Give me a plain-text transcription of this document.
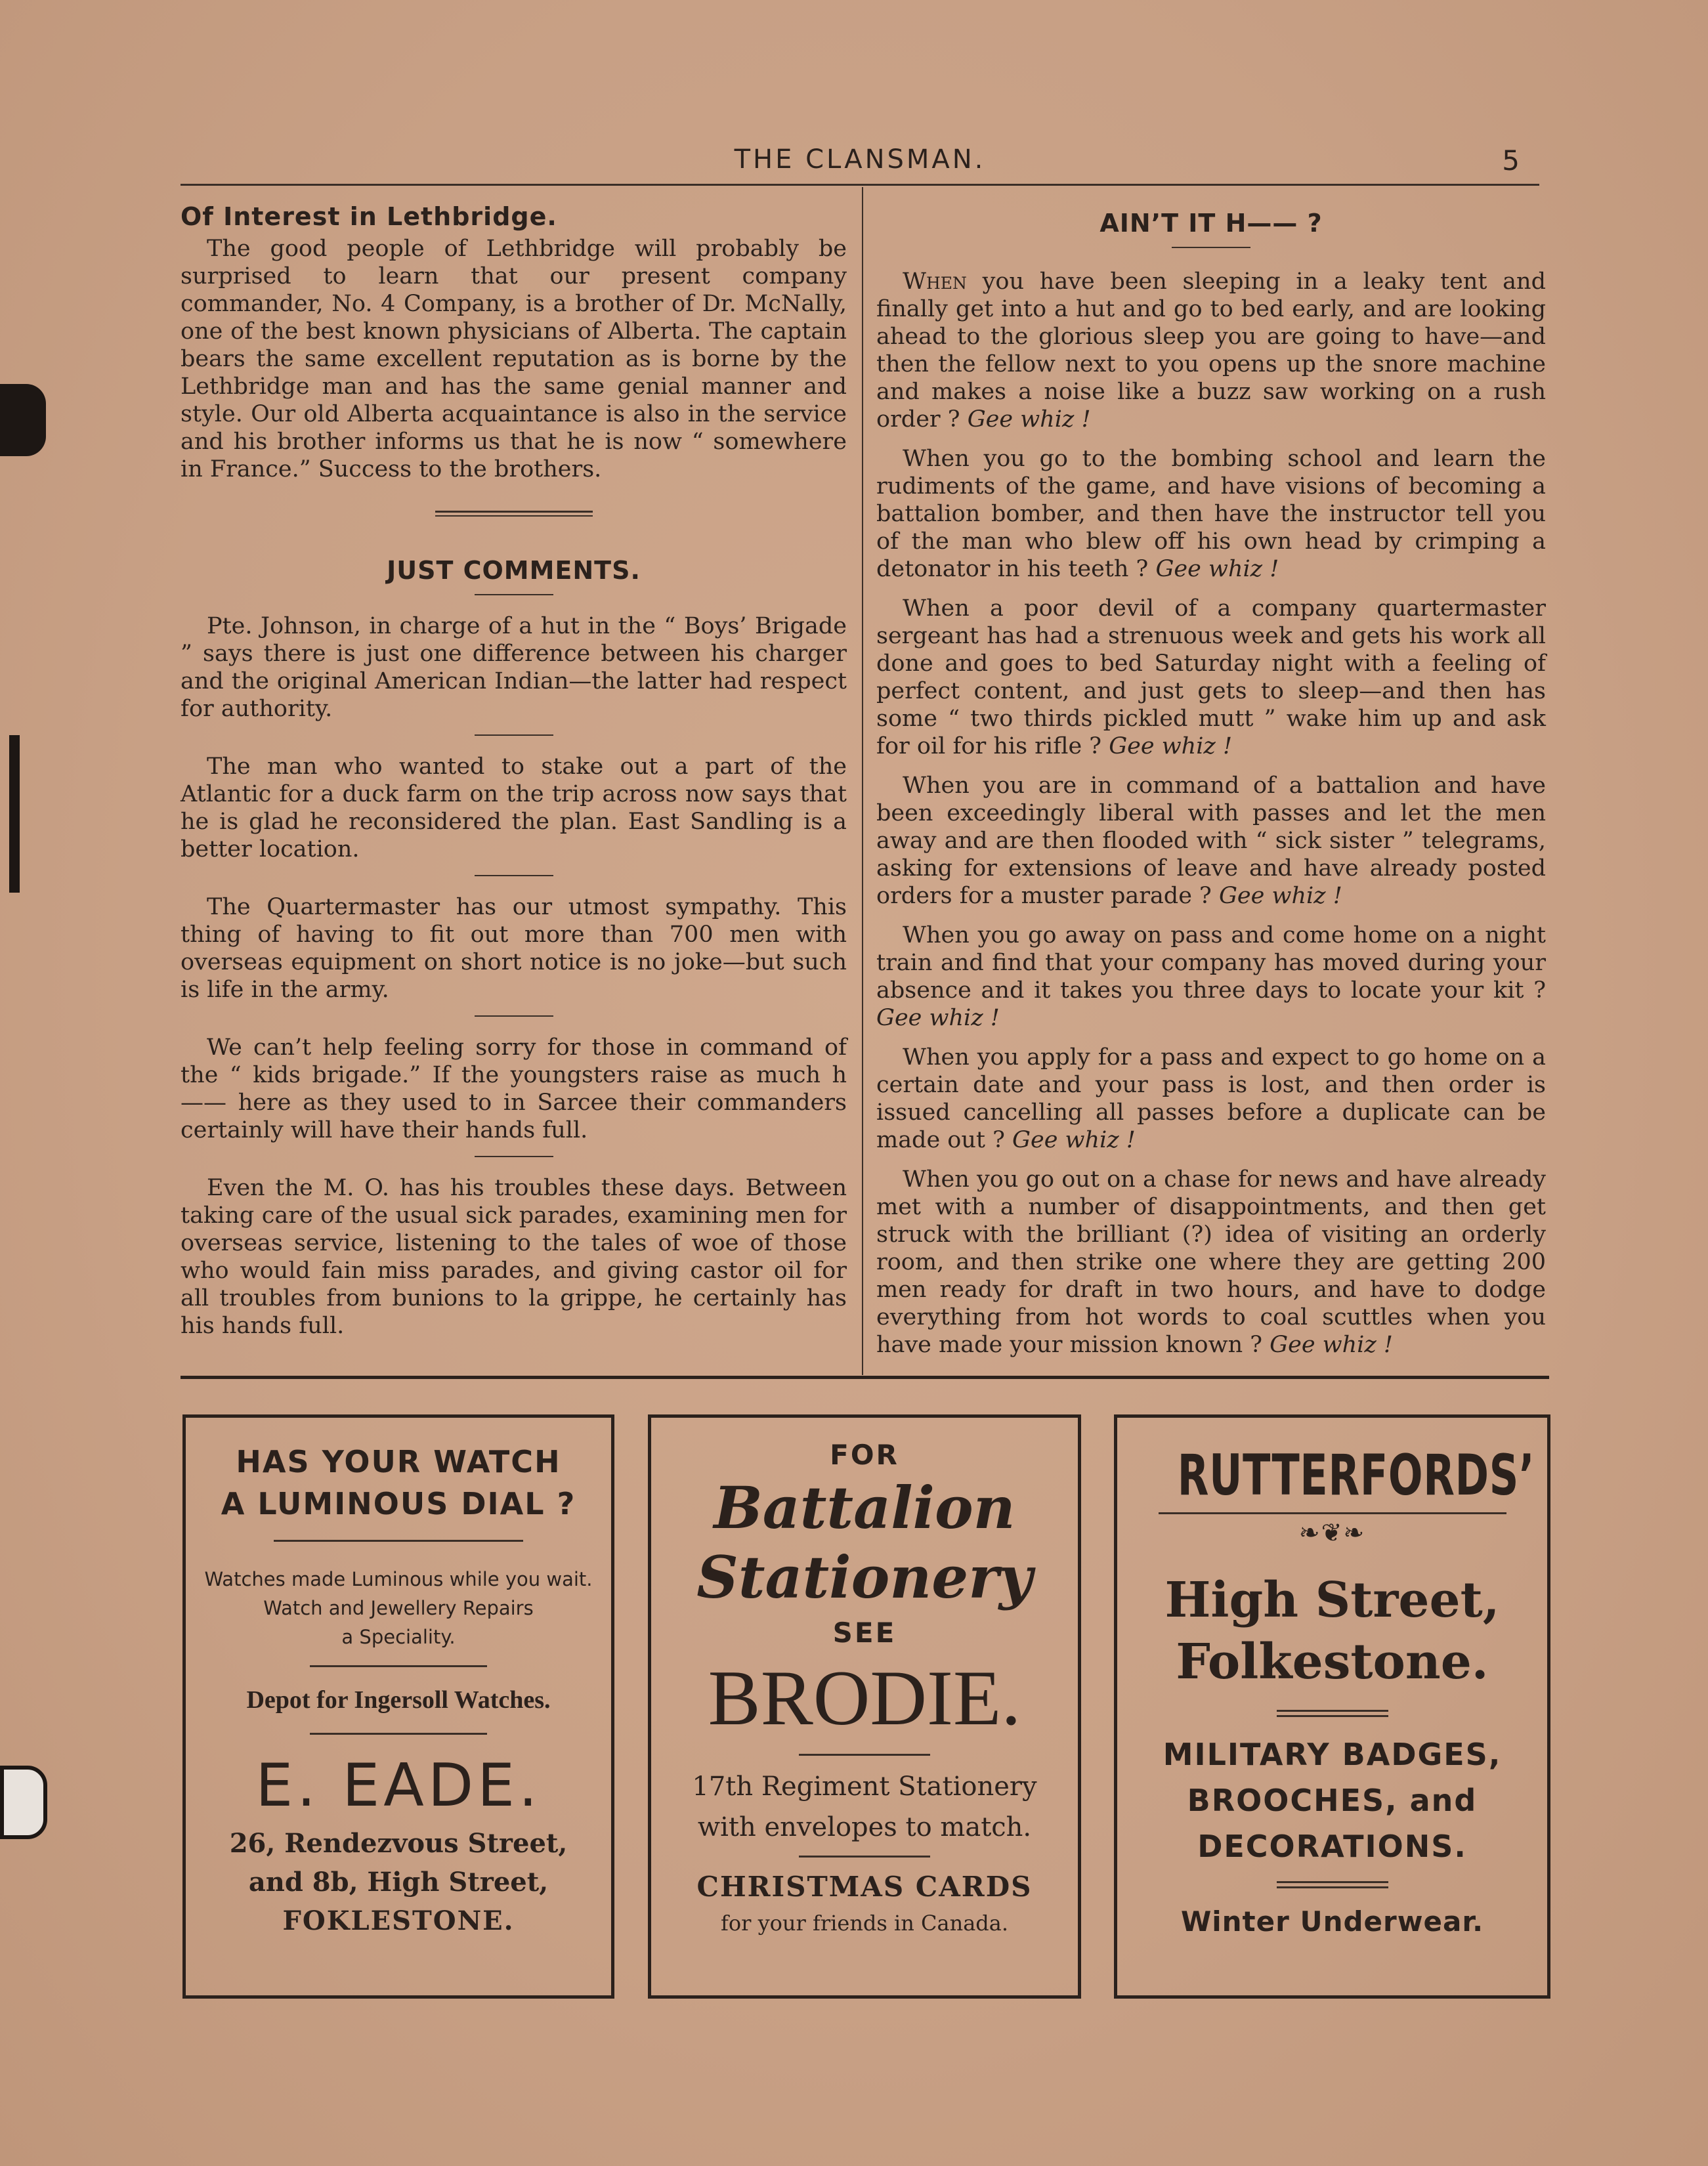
THE CLANSMAN.	5
Of Interest in Lethbridge.

The good people of Lethbridge will probably be surprised to learn that our present company commander, No. 4 Company, is a brother of Dr. McNally, one of the best known physicians of Alberta. The captain bears the same excellent reputation as is borne by the Lethbridge man and has the same genial manner and style. Our old Alberta acquaintance is also in the service and his brother informs us that he is now “ somewhere in France.” Success to the brothers.

JUST COMMENTS.

Pte. Johnson, in charge of a hut in the “ Boys’ Brigade ” says there is just one difference between his charger and the original American Indian—the latter had respect for authority.

The man who wanted to stake out a part of the Atlantic for a duck farm on the trip across now says that he is glad he reconsidered the plan. East Sandling is a better location.

The Quartermaster has our utmost sympathy. This thing of having to fit out more than 700 men with overseas equipment on short notice is no joke—but such is life in the army.

We can’t help feeling sorry for those in command of the “ kids brigade.” If the youngsters raise as much h—— here as they used to in Sarcee their commanders certainly will have their hands full.

Even the M. O. has his troubles these days. Between taking care of the usual sick parades, examining men for overseas service, listening to the tales of woe of those who would fain miss parades, and giving castor oil for all troubles from bunions to la grippe, he certainly has his hands full.

AIN’T IT H—— ?

When you have been sleeping in a leaky tent and finally get into a hut and go to bed early, and are looking ahead to the glorious sleep you are going to have—and then the fellow next to you opens up the snore machine and makes a noise like a buzz saw working on a rush order ? Gee whiz !

When you go to the bombing school and learn the rudiments of the game, and have visions of becoming a battalion bomber, and then have the instructor tell you of the man who blew off his own head by crimping a detonator in his teeth ? Gee whiz !

When a poor devil of a company quartermaster sergeant has had a strenuous week and gets his work all done and goes to bed Saturday night with a feeling of perfect content, and just gets to sleep—and then has some “ two thirds pickled mutt ” wake him up and ask for oil for his rifle ? Gee whiz !

When you are in command of a battalion and have been exceedingly liberal with passes and let the men away and are then flooded with “ sick sister ” telegrams, asking for extensions of leave and have already posted orders for a muster parade ? Gee whiz !

When you go away on pass and come home on a night train and find that your company has moved during your absence and it takes you three days to locate your kit ? Gee whiz !

When you apply for a pass and expect to go home on a certain date and your pass is lost, and then order is issued cancelling all passes before a duplicate can be made out ? Gee whiz !

When you go out on a chase for news and have already met with a number of disappointments, and then get struck with the brilliant (?) idea of visiting an orderly room, and then strike one where they are getting 200 men ready for draft in two hours, and have to dodge everything from hot words to coal scuttles when you have made your mission known ? Gee whiz !

HAS YOUR WATCH
A LUMINOUS DIAL ?
Watches made Luminous while you wait.
Watch and Jewellery Repairs
a Speciality.
Depot for Ingersoll Watches.
E. EADE.
26, Rendezvous Street,
and 8b, High Street,
FOKLESTONE.
FOR
Battalion
Stationery
SEE
BRODIE.
17th Regiment Stationery
with envelopes to match.
CHRISTMAS CARDS
for your friends in Canada.
RUTTERFORDS’
❧❦❧
High Street,
Folkestone.
MILITARY BADGES,
BROOCHES, and
DECORATIONS.
Winter Underwear.
